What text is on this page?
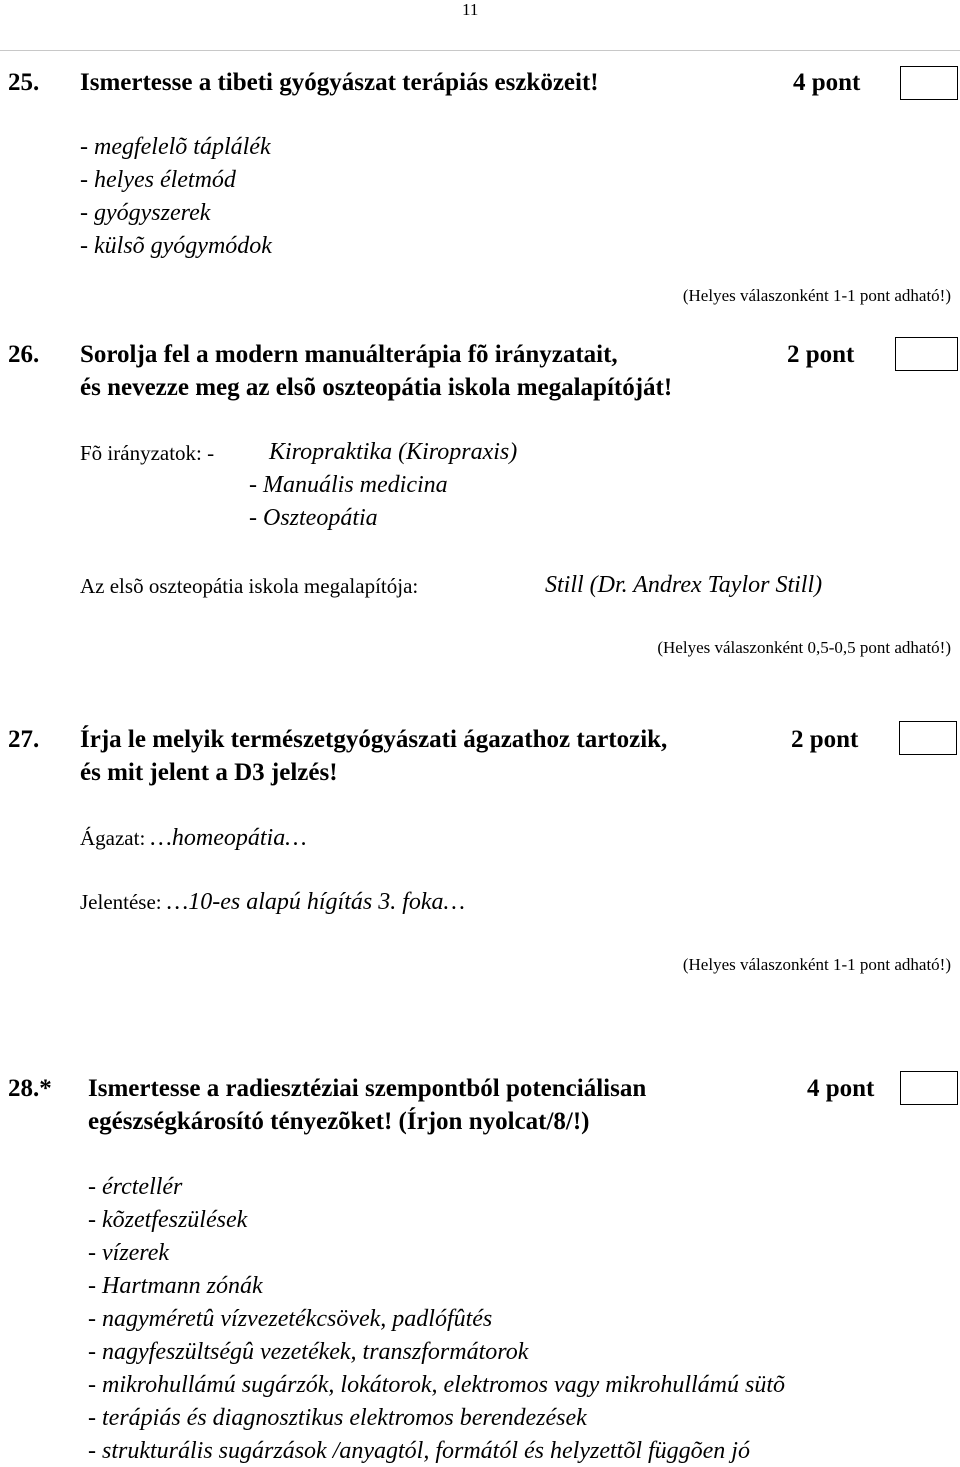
11
25. Ismertesse a tibeti gyógyászat terápiás eszközeit!	4 pont
- megfelelõ táplálék
- helyes életmód
- gyógyszerek
- külsõ gyógymódok
(Helyes válaszonként 1-1 pont adható!)
26. Sorolja fel a modern manuálterápia fõ irányzatait,
és nevezze meg az elsõ oszteopátia iskola megalapítóját!
2 pont
Fõ irányzatok: - Kiropraktika (Kiropraxis)
- Manuális medicina
- Oszteopátia
Az elsõ oszteopátia iskola megalapítója:	Still (Dr. Andrex Taylor Still)
(Helyes válaszonként 0,5-0,5 pont adható!)
27. Írja le melyik természetgyógyászati ágazathoz tartozik,
és mit jelent a D3 jelzés!
2 pont
Ágazat: …homeopátia…
Jelentése: …10-es alapú hígítás 3. foka…
(Helyes válaszonként 1-1 pont adható!)
28.* Ismertesse a radiesztéziai szempontból potenciálisan
egészségkárosító tényezõket! (Írjon nyolcat/8/!)
4 pont
- érctellér
- kõzetfeszülések
- vízerek
- Hartmann zónák
- nagyméretû vízvezetékcsövek, padlófûtés
- nagyfeszültségû vezetékek, transzformátorok
- mikrohullámú sugárzók, lokátorok, elektromos vagy mikrohullámú sütõ
- terápiás és diagnosztikus elektromos berendezések
- strukturális sugárzások /anyagtól, formától és helyzettõl függõen jó
